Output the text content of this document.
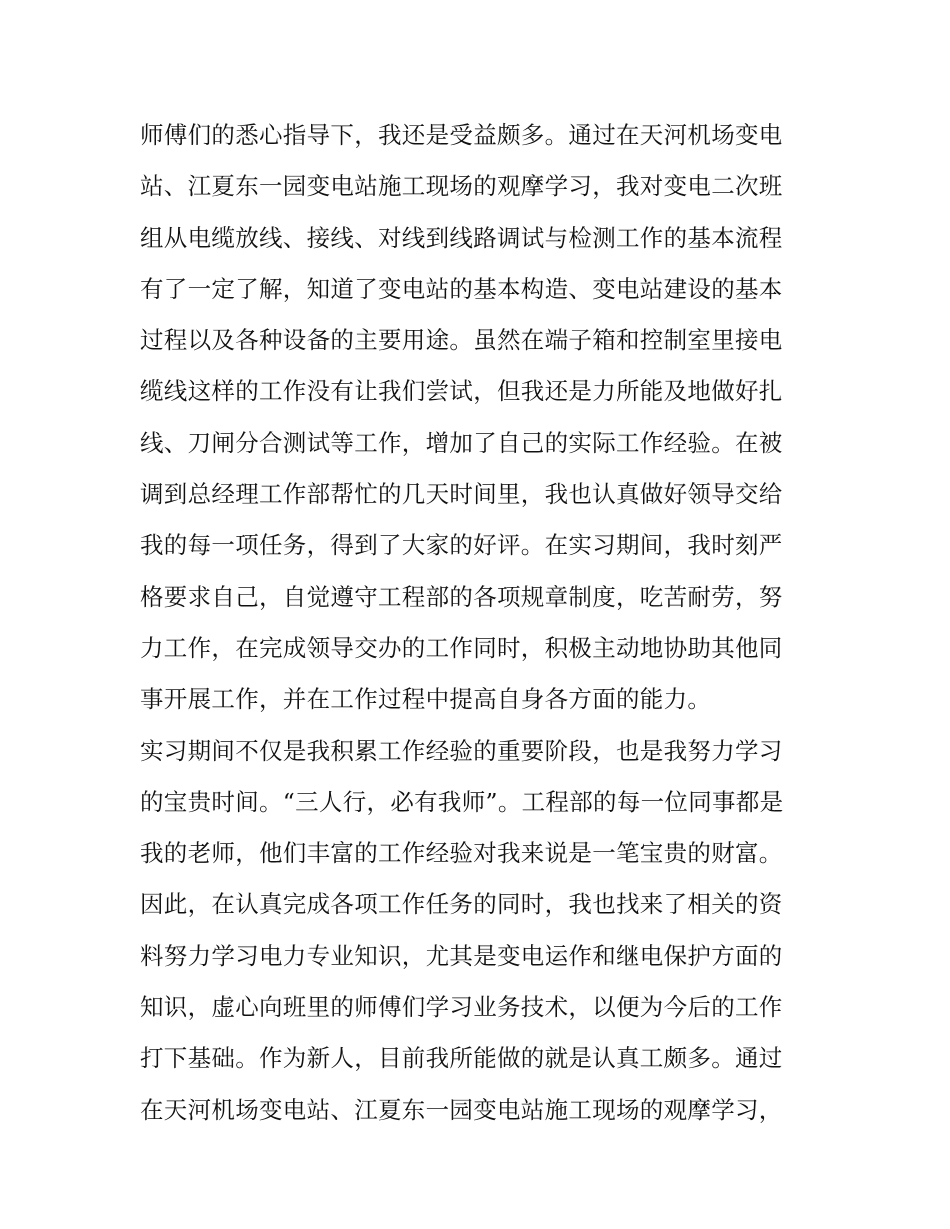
师傅们的悉心指导下，我还是受益颇多。通过在天河机场变电
站、江夏东一园变电站施工现场的观摩学习，我对变电二次班
组从电缆放线、接线、对线到线路调试与检测工作的基本流程
有了一定了解，知道了变电站的基本构造、变电站建设的基本
过程以及各种设备的主要用途。虽然在端子箱和控制室里接电
缆线这样的工作没有让我们尝试，但我还是力所能及地做好扎
线、刀闸分合测试等工作，增加了自己的实际工作经验。在被
调到总经理工作部帮忙的几天时间里，我也认真做好领导交给
我的每一项任务，得到了大家的好评。在实习期间，我时刻严
格要求自己，自觉遵守工程部的各项规章制度，吃苦耐劳，努
力工作，在完成领导交办的工作同时，积极主动地协助其他同
事开展工作，并在工作过程中提高自身各方面的能力。
实习期间不仅是我积累工作经验的重要阶段，也是我努力学习
的宝贵时间。“三人行，必有我师”。工程部的每一位同事都是
我的老师，他们丰富的工作经验对我来说是一笔宝贵的财富。
因此，在认真完成各项工作任务的同时，我也找来了相关的资
料努力学习电力专业知识，尤其是变电运作和继电保护方面的
知识，虚心向班里的师傅们学习业务技术，以便为今后的工作
打下基础。作为新人，目前我所能做的就是认真工颇多。通过
在天河机场变电站、江夏东一园变电站施工现场的观摩学习，
